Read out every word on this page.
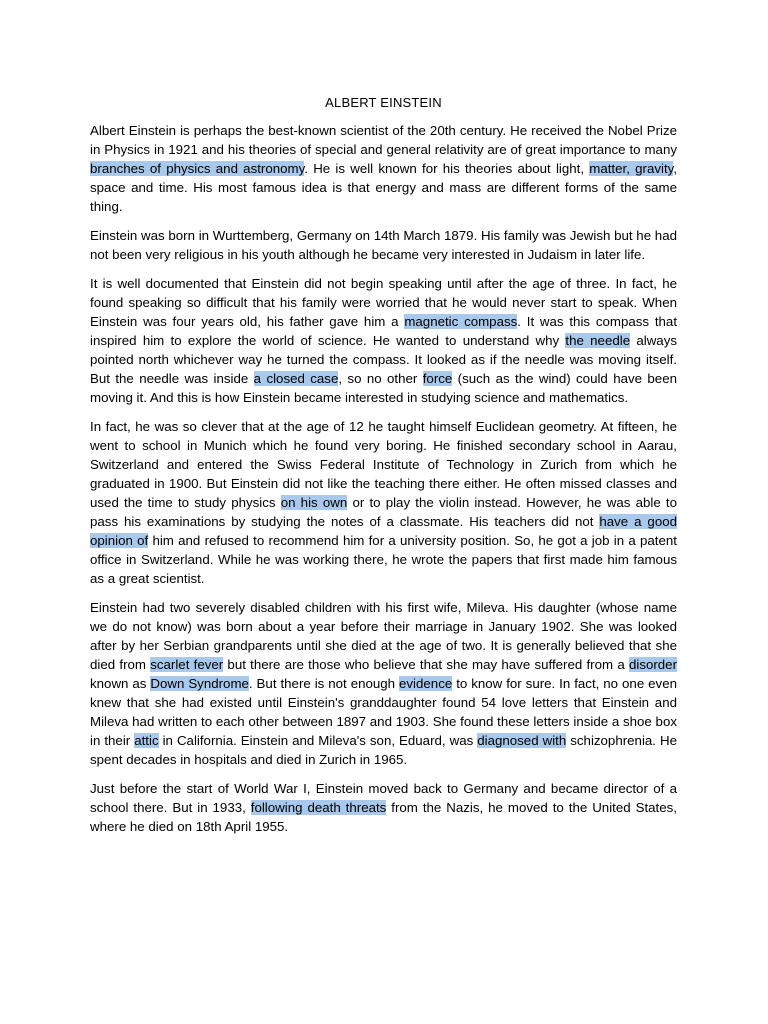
ALBERT EINSTEIN

Albert Einstein is perhaps the best-known scientist of the 20th century. He received the Nobel Prize in Physics in 1921 and his theories of special and general relativity are of great importance to many branches of physics and astronomy. He is well known for his theories about light, matter, gravity, space and time. His most famous idea is that energy and mass are different forms of the same thing.

Einstein was born in Wurttemberg, Germany on 14th March 1879. His family was Jewish but he had not been very religious in his youth although he became very interested in Judaism in later life.

It is well documented that Einstein did not begin speaking until after the age of three. In fact, he found speaking so difficult that his family were worried that he would never start to speak. When Einstein was four years old, his father gave him a magnetic compass. It was this compass that inspired him to explore the world of science. He wanted to understand why the needle always pointed north whichever way he turned the compass. It looked as if the needle was moving itself. But the needle was inside a closed case, so no other force (such as the wind) could have been moving it. And this is how Einstein became interested in studying science and mathematics.

In fact, he was so clever that at the age of 12 he taught himself Euclidean geometry. At fifteen, he went to school in Munich which he found very boring. He finished secondary school in Aarau, Switzerland and entered the Swiss Federal Institute of Technology in Zurich from which he graduated in 1900. But Einstein did not like the teaching there either. He often missed classes and used the time to study physics on his own or to play the violin instead. However, he was able to pass his examinations by studying the notes of a classmate. His teachers did not have a good opinion of him and refused to recommend him for a university position. So, he got a job in a patent office in Switzerland. While he was working there, he wrote the papers that first made him famous as a great scientist.

Einstein had two severely disabled children with his first wife, Mileva. His daughter (whose name we do not know) was born about a year before their marriage in January 1902. She was looked after by her Serbian grandparents until she died at the age of two. It is generally believed that she died from scarlet fever but there are those who believe that she may have suffered from a disorder known as Down Syndrome. But there is not enough evidence to know for sure. In fact, no one even knew that she had existed until Einstein's granddaughter found 54 love letters that Einstein and Mileva had written to each other between 1897 and 1903. She found these letters inside a shoe box in their attic in California. Einstein and Mileva's son, Eduard, was diagnosed with schizophrenia. He spent decades in hospitals and died in Zurich in 1965.

Just before the start of World War I, Einstein moved back to Germany and became director of a school there. But in 1933, following death threats from the Nazis, he moved to the United States, where he died on 18th April 1955.
